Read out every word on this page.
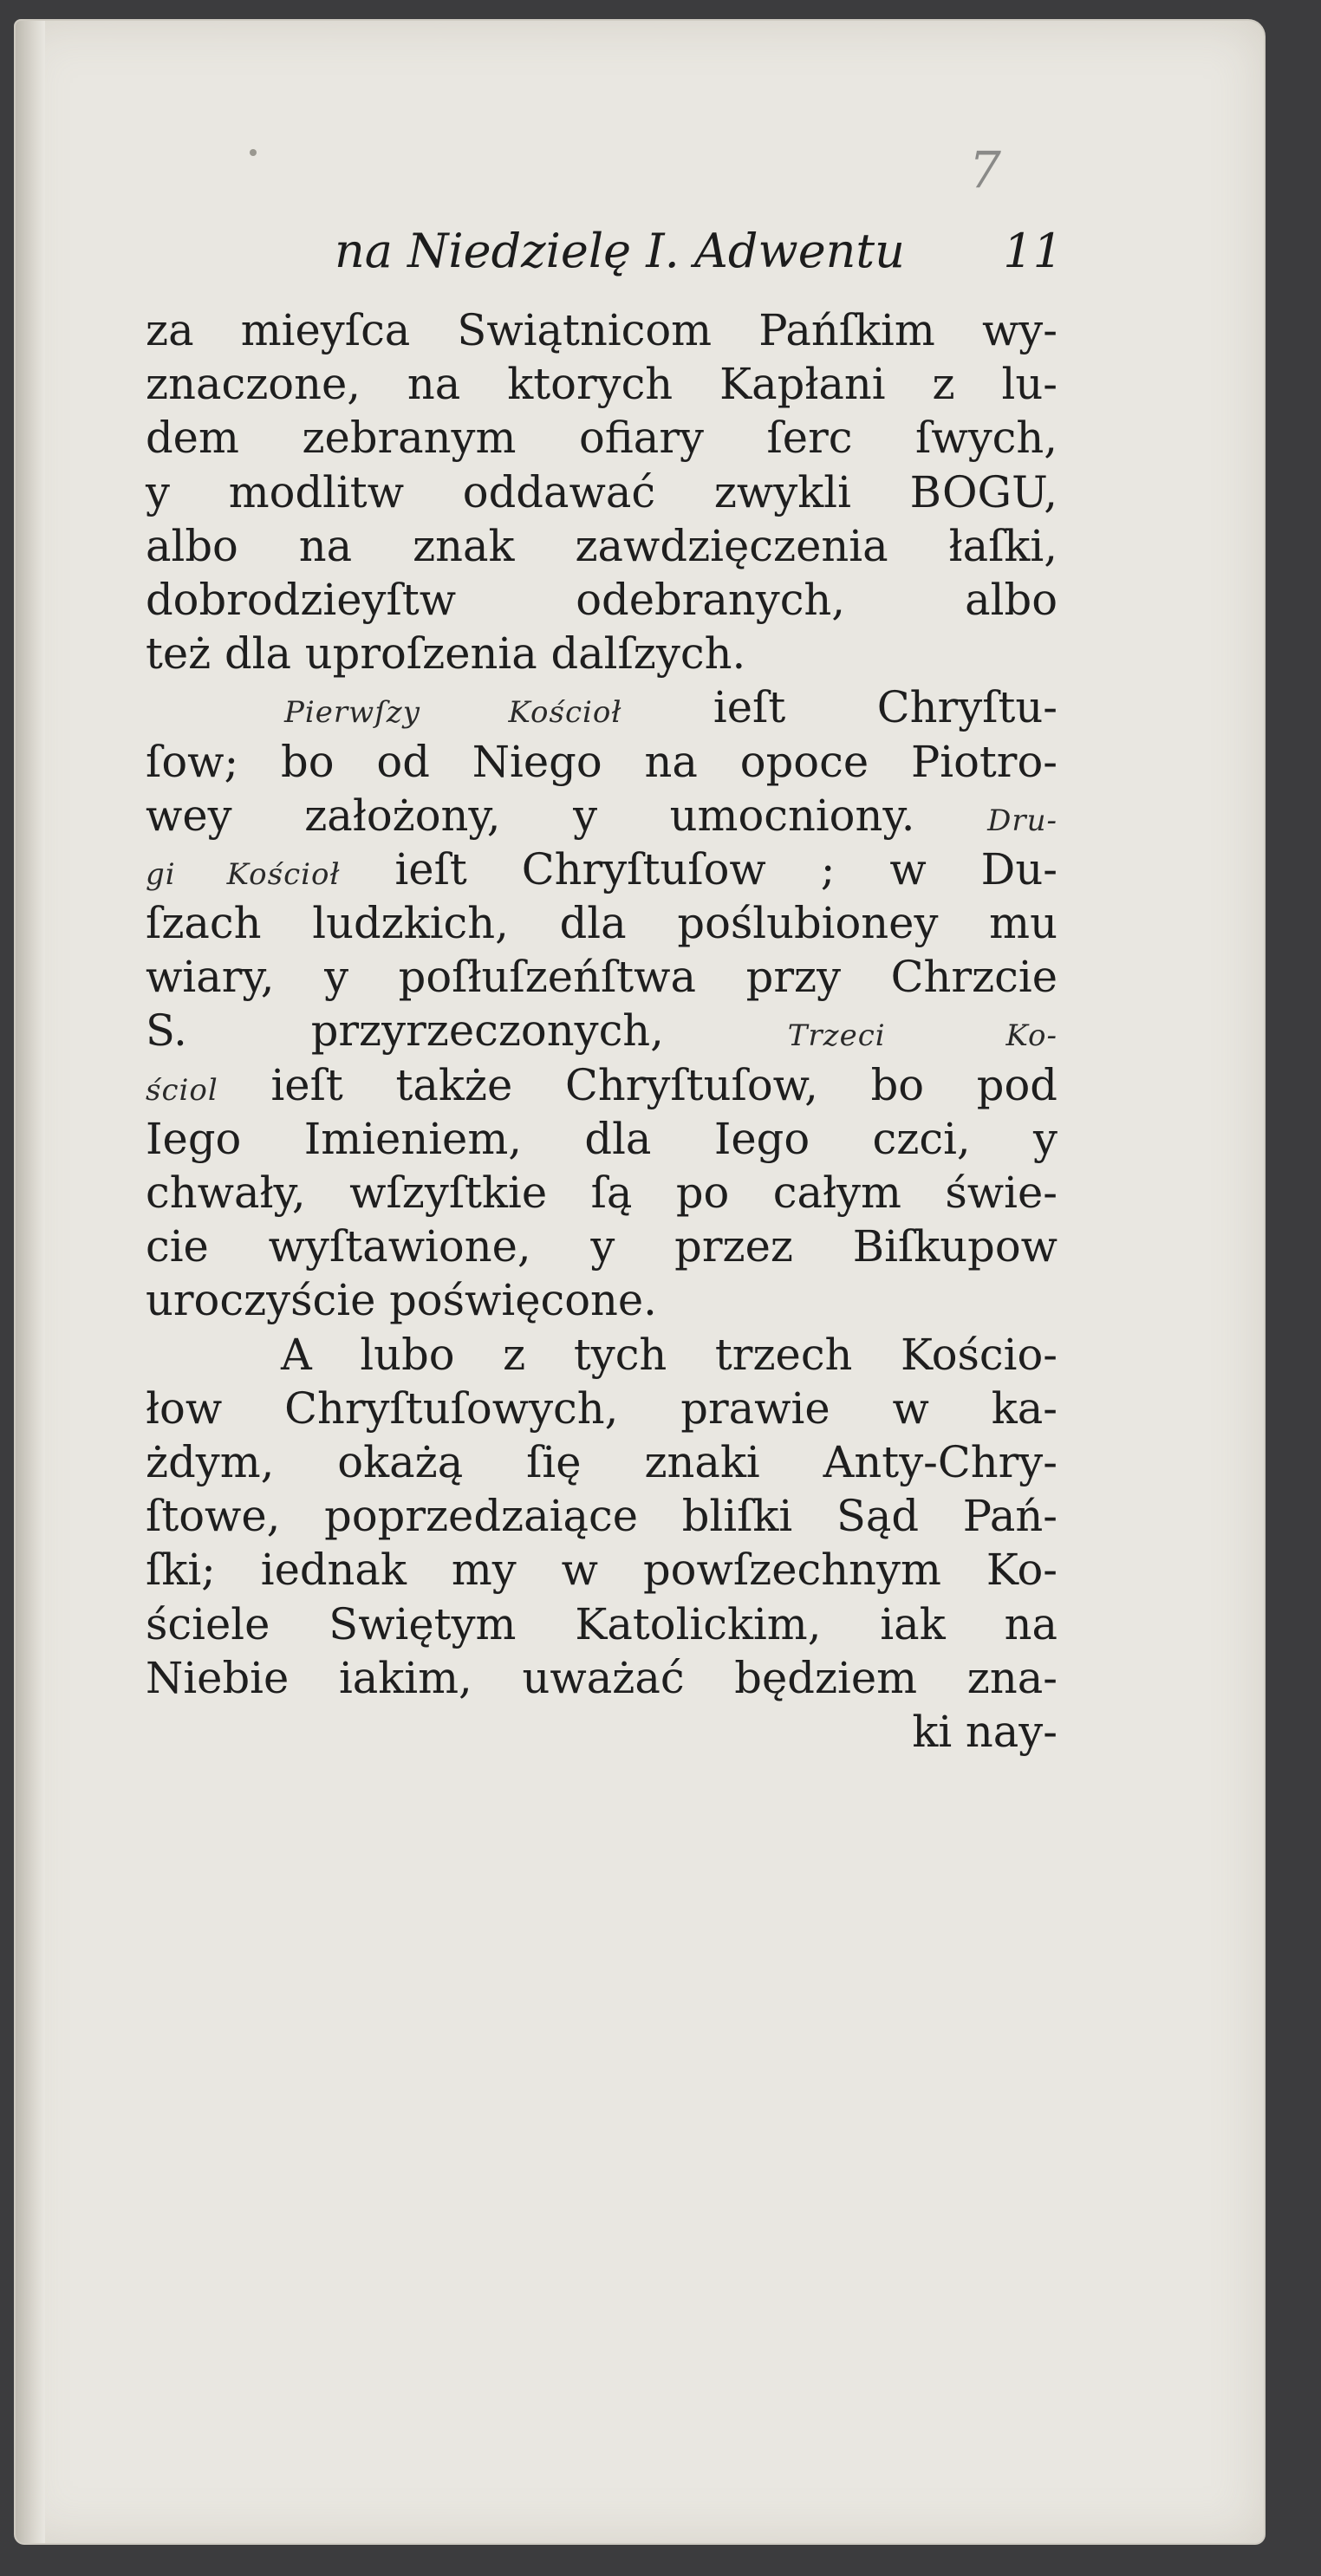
7
na Niedzielę I. Adwentu 11
za mieyſca Swiątnicom Pańſkim wy-
znaczone, na ktorych Kapłani z lu-
dem zebranym ofiary ſerc ſwych,
y modlitw oddawać zwykli BOGU,
albo na znak zawdzięczenia łaſki,
dobrodzieyſtw odebranych, albo
też dla uproſzenia dalſzych.
Pierwſzy Kościoł ieſt Chryſtu-
ſow; bo od Niego na opoce Piotro-
wey założony, y umocniony. Dru-
gi Kościoł ieſt Chryſtuſow ; w Du-
ſzach ludzkich, dla poślubioney mu
wiary, y poſłuſzeńſtwa przy Chrzcie
S. przyrzeczonych,	Trzeci Ko-
ściol ieſt także Chryſtuſow, bo pod
Iego Imieniem, dla Iego czci, y
chwały, wſzyſtkie ſą po całym świe-
cie wyſtawione, y przez Biſkupow
uroczyście poświęcone.
A lubo z tych trzech Kościo-
łow Chryſtuſowych, prawie w ka-
żdym, okażą ſię znaki Anty-Chry-
ſtowe, poprzedzaiące bliſki Sąd Pań-
ſki; iednak my w powſzechnym Ko-
ściele Swiętym Katolickim, iak na
Niebie iakim, uważać będziem zna-
ki nay-
